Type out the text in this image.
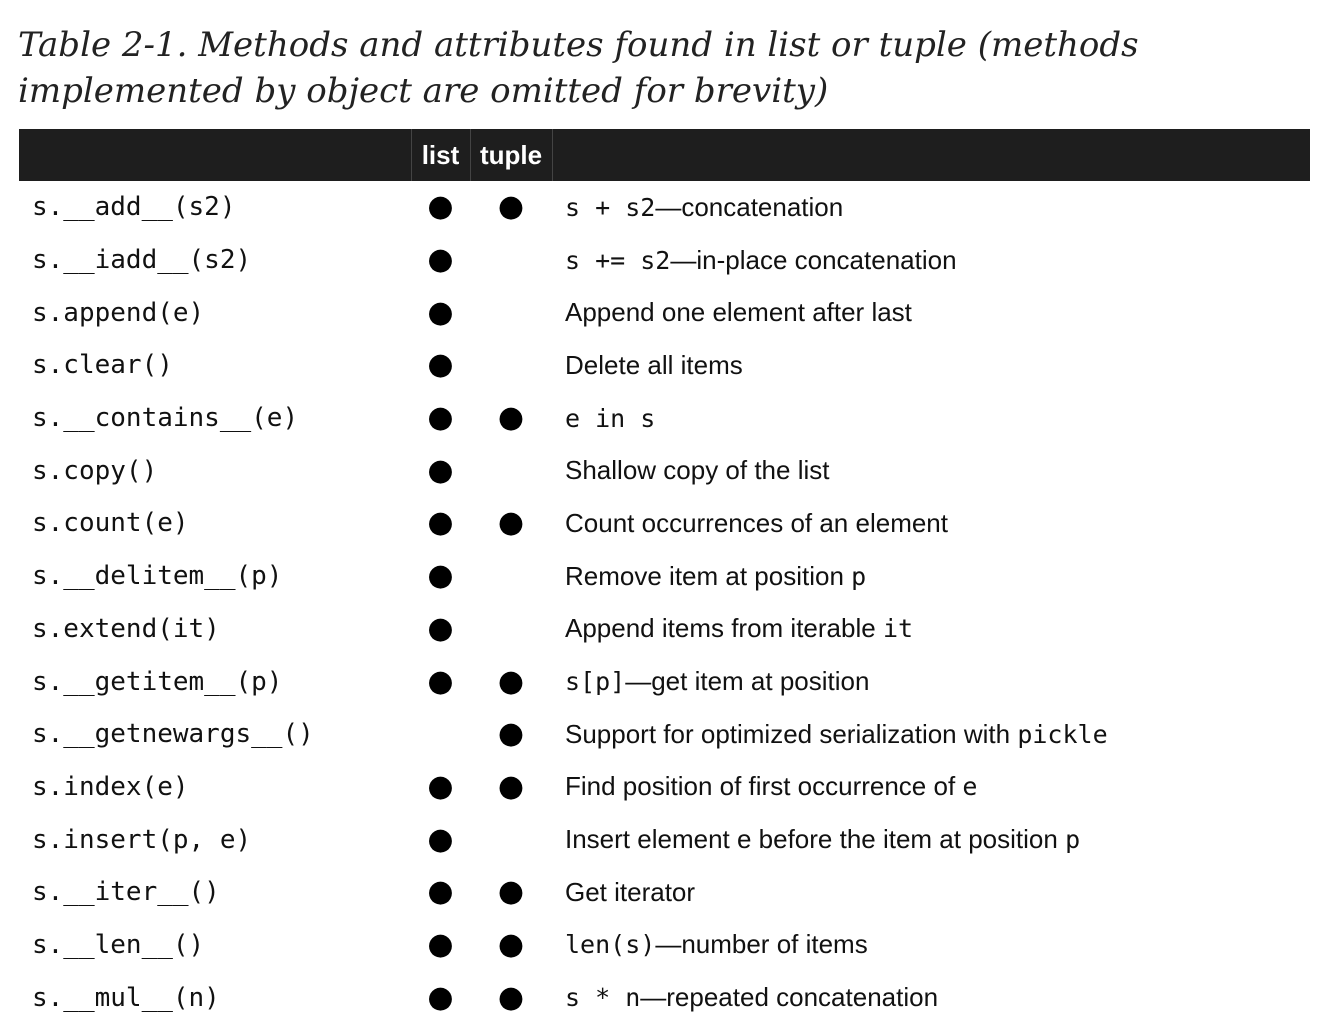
Table 2-1. Methods and attributes found in list or tuple (methods implemented by object are omitted for brevity)

	list	tuple	
s.__add__(s2)	●	●	s + s2—concatenation
s.__iadd__(s2)	●		s += s2—in-place concatenation
s.append(e)	●		Append one element after last
s.clear()	●		Delete all items
s.__contains__(e)	●	●	e in s
s.copy()	●		Shallow copy of the list
s.count(e)	●	●	Count occurrences of an element
s.__delitem__(p)	●		Remove item at position p
s.extend(it)	●		Append items from iterable it
s.__getitem__(p)	●	●	s[p]—get item at position
s.__getnewargs__()		●	Support for optimized serialization with pickle
s.index(e)	●	●	Find position of first occurrence of e
s.insert(p, e)	●		Insert element e before the item at position p
s.__iter__()	●	●	Get iterator
s.__len__()	●	●	len(s)—number of items
s.__mul__(n)	●	●	s * n—repeated concatenation
